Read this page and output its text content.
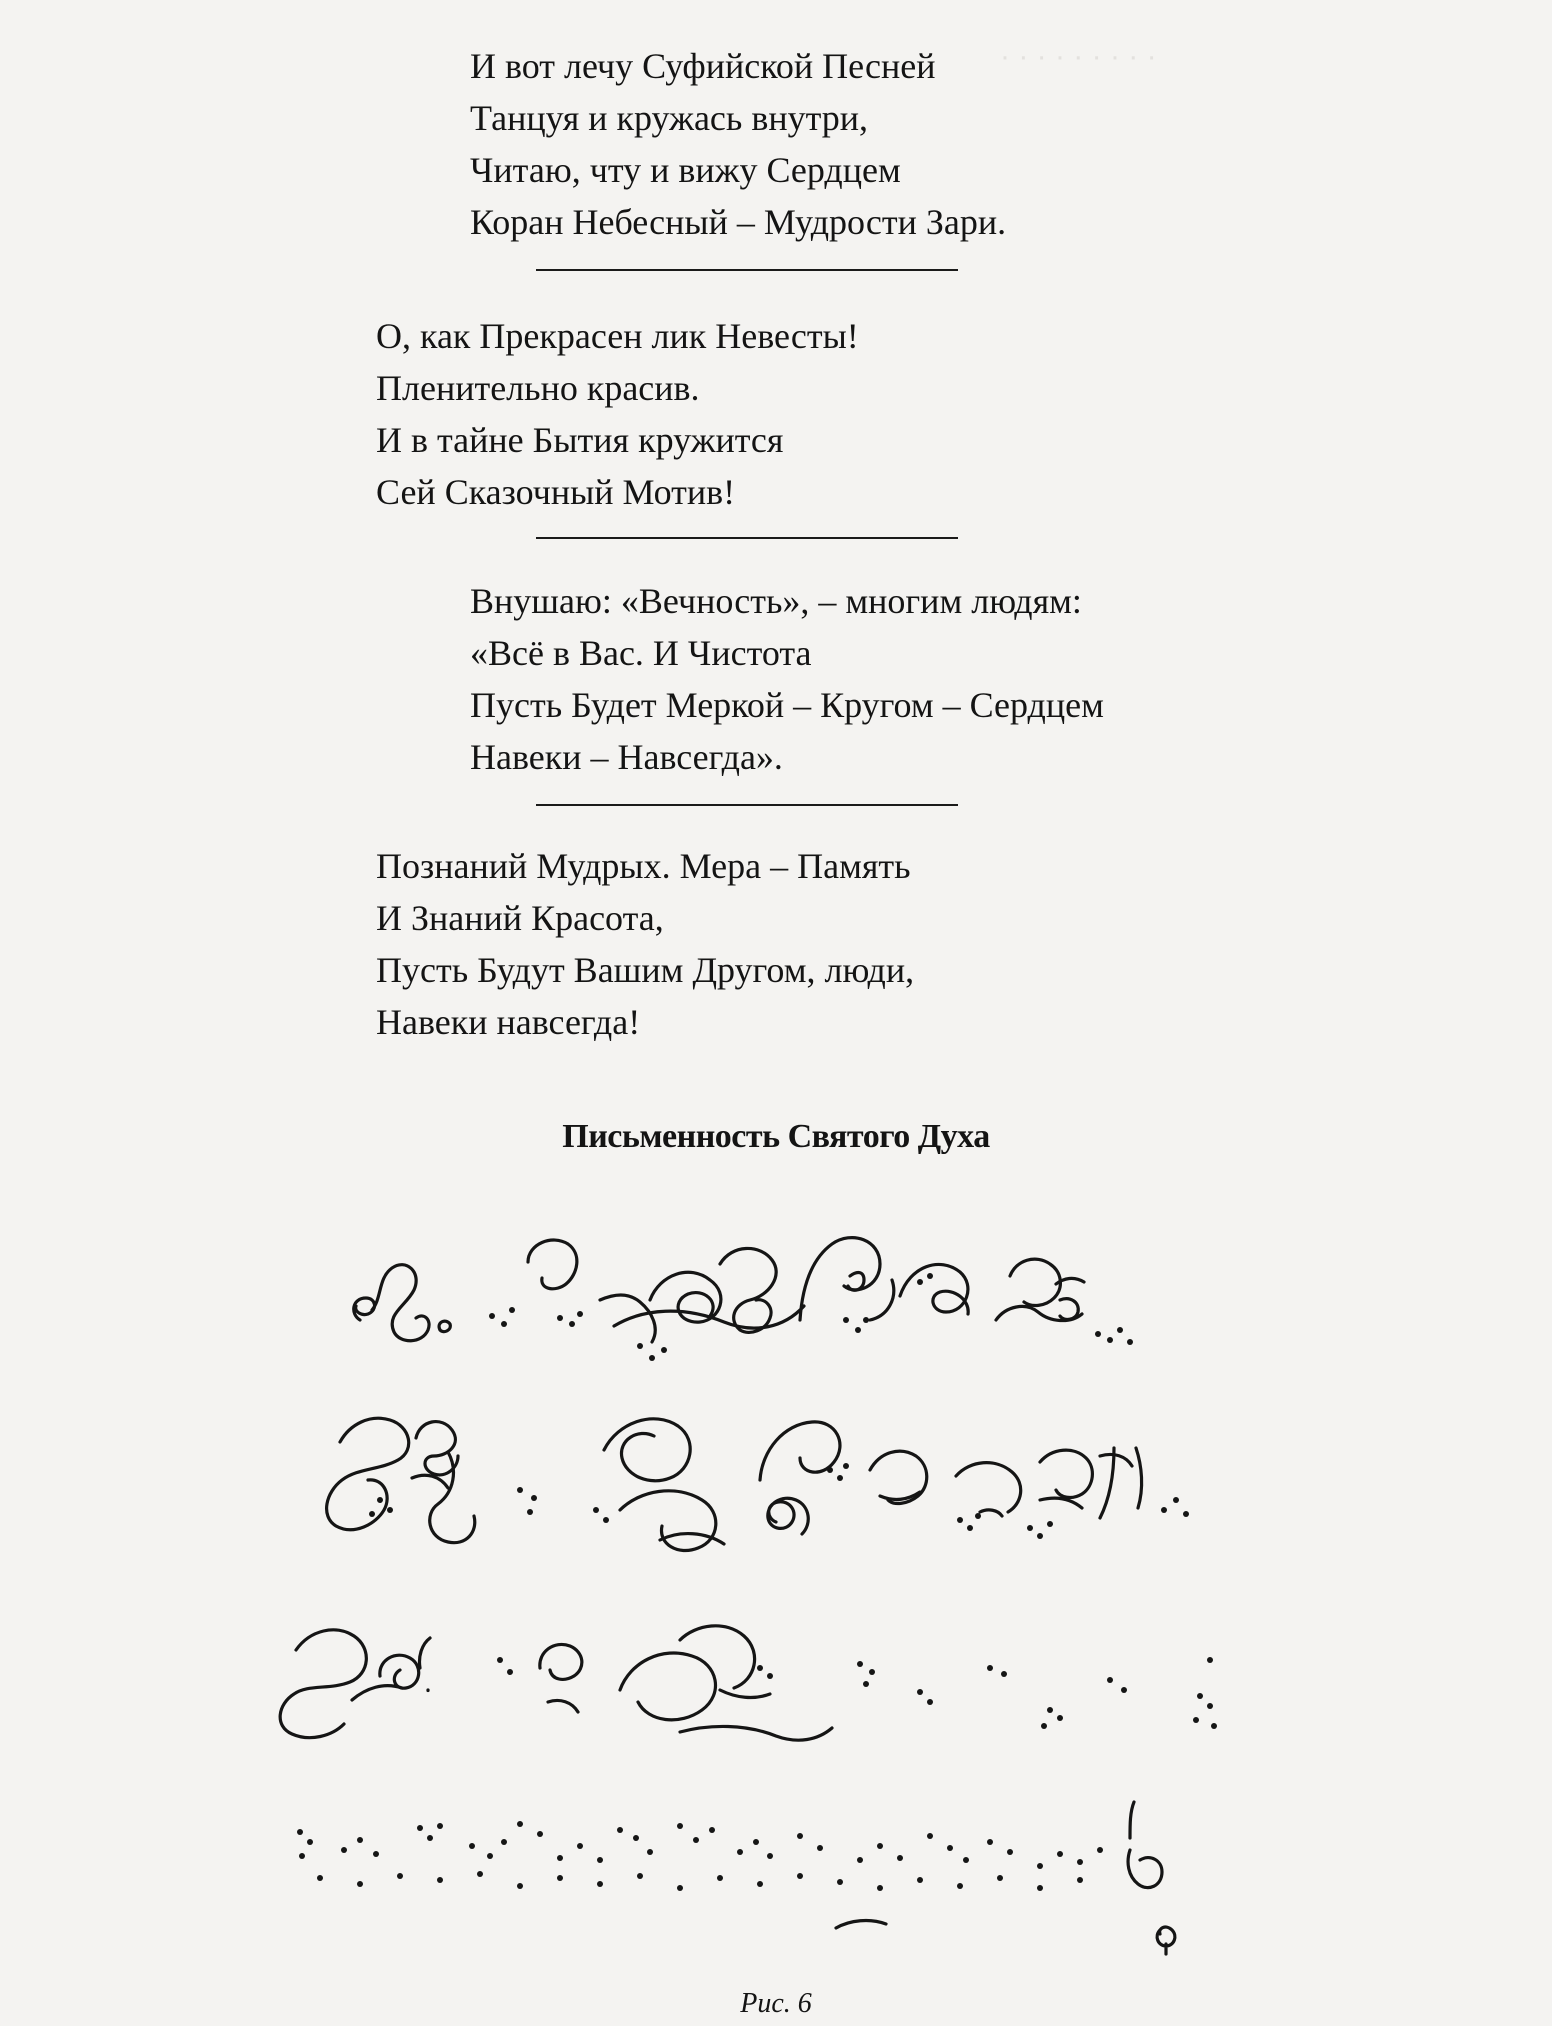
· · · · · · · · ·
И вот лечу Суфийской Песней
Танцуя и кружась внутри,
Читаю, чту и вижу Сердцем
Коран Небесный – Мудрости Зари.
О, как Прекрасен лик Невесты!
Пленительно красив.
И в тайне Бытия кружится
Сей Сказочный Мотив!
Внушаю: «Вечность», – многим людям:
«Всё в Вас. И Чистота
Пусть Будет Меркой – Кругом – Сердцем
Навеки – Навсегда».
Познаний Мудрых. Мера – Память
И Знаний Красота,
Пусть Будут Вашим Другом, люди,
Навеки навсегда!
Письменность Святого Духа
Рис. 6
